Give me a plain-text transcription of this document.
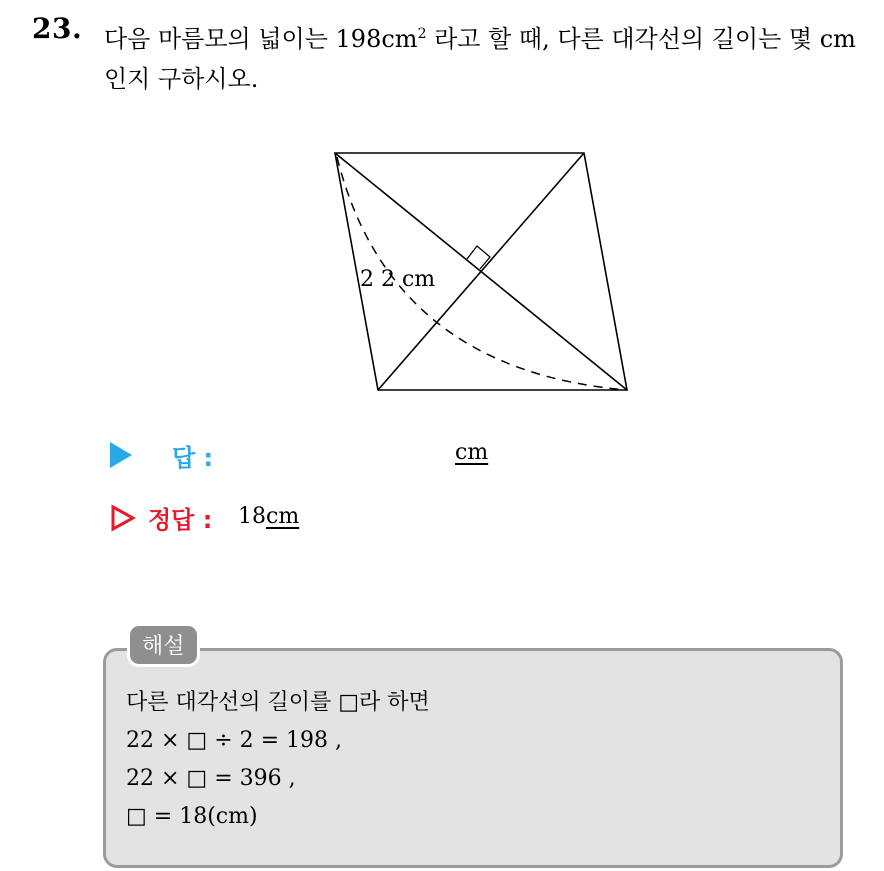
23. 다음 마름모의 넓이는 $198cm^2$ 라고 할 때, 다른 대각선의 길이는 몇 cm 인지 구하시오.
2 2 cm
답 :	cm
정답 : 18cm
해설
다른 대각선의 길이를 □라 하면
22 × □ ÷ 2 = 198 ,
22 × □ = 396 ,
□ = 18(cm)
